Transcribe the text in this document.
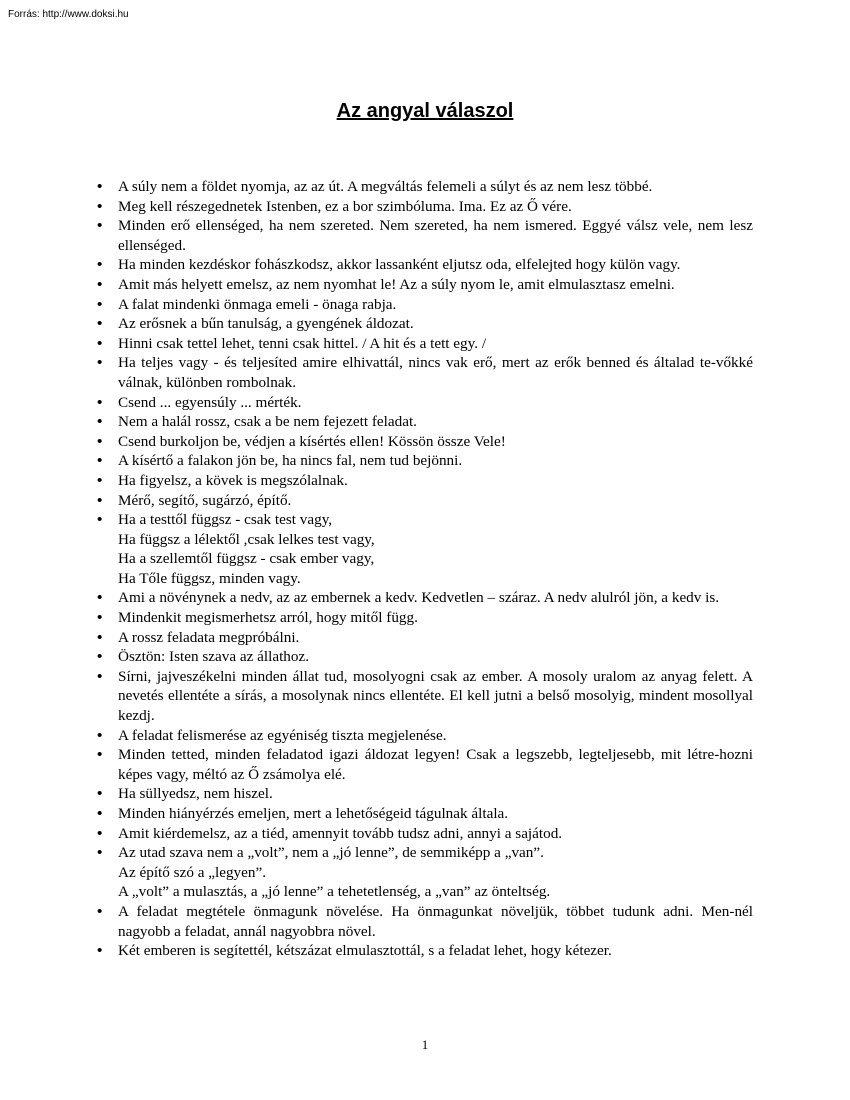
Forrás: http://www.doksi.hu
Az angyal válaszol
• A súly nem a földet nyomja, az az út. A megváltás felemeli a súlyt és az nem lesz többé.
• Meg kell részegednetek Istenben, ez a bor szimbóluma. Ima. Ez az Ő vére.
• Minden erő ellenséged, ha nem szereted. Nem szereted, ha nem ismered. Eggyé válsz vele, nem lesz ellenséged.
• Ha minden kezdéskor fohászkodsz, akkor lassanként eljutsz oda, elfelejted hogy külön vagy.
• Amit más helyett emelsz, az nem nyomhat le! Az a súly nyom le, amit elmulasztasz emelni.
• A falat mindenki önmaga emeli - önaga rabja.
• Az erősnek a bűn tanulság, a gyengének áldozat.
• Hinni csak tettel lehet, tenni csak hittel. / A hit és a tett egy. /
• Ha teljes vagy - és teljesíted amire elhivattál, nincs vak erő, mert az erők benned és általad te-vőkké válnak, különben rombolnak.
• Csend ... egyensúly ... mérték.
• Nem a halál rossz, csak a be nem fejezett feladat.
• Csend burkoljon be, védjen a kísértés ellen! Kössön össze Vele!
• A kísértő a falakon jön be, ha nincs fal, nem tud bejönni.
• Ha figyelsz, a kövek is megszólalnak.
• Mérő, segítő, sugárzó, építő.
• Ha a testtől függsz - csak test vagy,
Ha függsz a lélektől ,csak lelkes test vagy,
Ha a szellemtől függsz - csak ember vagy,
Ha Tőle függsz, minden vagy.
• Ami a növénynek a nedv, az az embernek a kedv. Kedvetlen – száraz. A nedv alulról jön, a kedv is.
• Mindenkit megismerhetsz arról, hogy mitől függ.
• A rossz feladata megpróbálni.
• Ösztön: Isten szava az állathoz.
• Sírni, jajveszékelni minden állat tud, mosolyogni csak az ember. A mosoly uralom az anyag felett. A nevetés ellentéte a sírás, a mosolynak nincs ellentéte. El kell jutni a belső mosolyig, mindent mosollyal kezdj.
• A feladat felismerése az egyéniség tiszta megjelenése.
• Minden tetted, minden feladatod igazi áldozat legyen! Csak a legszebb, legteljesebb, mit létre-hozni képes vagy, méltó az Ő zsámolya elé.
• Ha süllyedsz, nem hiszel.
• Minden hiányérzés emeljen, mert a lehetőségeid tágulnak általa.
• Amit kiérdemelsz, az a tiéd, amennyit tovább tudsz adni, annyi a sajátod.
• Az utad szava nem a „volt”, nem a „jó lenne”, de semmiképp a „van”.
Az építő szó a „legyen”.
A „volt” a mulasztás, a „jó lenne” a tehetetlenség, a „van” az önteltség.
• A feladat megtétele önmagunk növelése. Ha önmagunkat növeljük, többet tudunk adni. Men-nél nagyobb a feladat, annál nagyobbra növel.
• Két emberen is segítettél, kétszázat elmulasztottál, s a feladat lehet, hogy kétezer.
1
